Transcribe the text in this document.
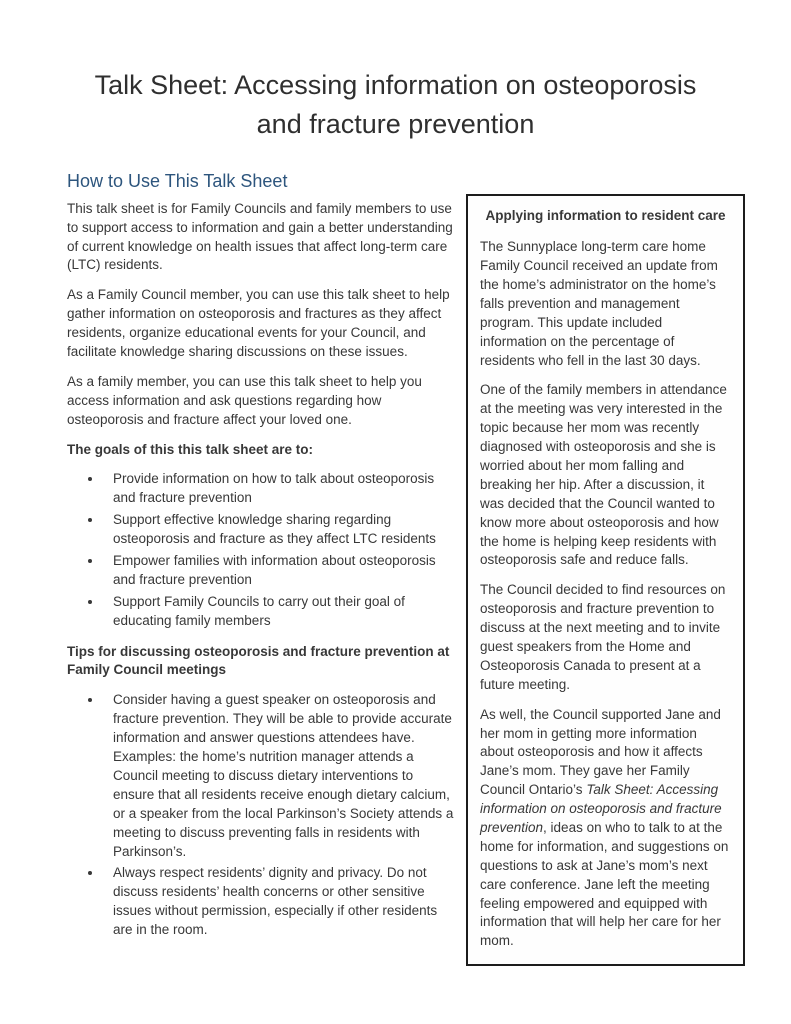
Talk Sheet: Accessing information on osteoporosis and fracture prevention
How to Use This Talk Sheet

This talk sheet is for Family Councils and family members to use to support access to information and gain a better understanding of current knowledge on health issues that affect long-term care (LTC) residents.

As a Family Council member, you can use this talk sheet to help gather information on osteoporosis and fractures as they affect residents, organize educational events for your Council, and facilitate knowledge sharing discussions on these issues.

As a family member, you can use this talk sheet to help you access information and ask questions regarding how osteoporosis and fracture affect your loved one.

The goals of this this talk sheet are to:

• Provide information on how to talk about osteoporosis and fracture prevention
• Support effective knowledge sharing regarding osteoporosis and fracture as they affect LTC residents
• Empower families with information about osteoporosis and fracture prevention
• Support Family Councils to carry out their goal of educating family members

Tips for discussing osteoporosis and fracture prevention at Family Council meetings

• Consider having a guest speaker on osteoporosis and fracture prevention. They will be able to provide accurate information and answer questions attendees have. Examples: the home’s nutrition manager attends a Council meeting to discuss dietary interventions to ensure that all residents receive enough dietary calcium, or a speaker from the local Parkinson’s Society attends a meeting to discuss preventing falls in residents with Parkinson’s.
• Always respect residents’ dignity and privacy. Do not discuss residents’ health concerns or other sensitive issues without permission, especially if other residents are in the room.

Applying information to resident care

The Sunnyplace long-term care home Family Council received an update from the home’s administrator on the home’s falls prevention and management program. This update included information on the percentage of residents who fell in the last 30 days.

One of the family members in attendance at the meeting was very interested in the topic because her mom was recently diagnosed with osteoporosis and she is worried about her mom falling and breaking her hip. After a discussion, it was decided that the Council wanted to know more about osteoporosis and how the home is helping keep residents with osteoporosis safe and reduce falls.

The Council decided to find resources on osteoporosis and fracture prevention to discuss at the next meeting and to invite guest speakers from the Home and Osteoporosis Canada to present at a future meeting.

As well, the Council supported Jane and her mom in getting more information about osteoporosis and how it affects Jane’s mom. They gave her Family Council Ontario’s Talk Sheet: Accessing information on osteoporosis and fracture prevention, ideas on who to talk to at the home for information, and suggestions on questions to ask at Jane’s mom’s next care conference. Jane left the meeting feeling empowered and equipped with information that will help her care for her mom.
